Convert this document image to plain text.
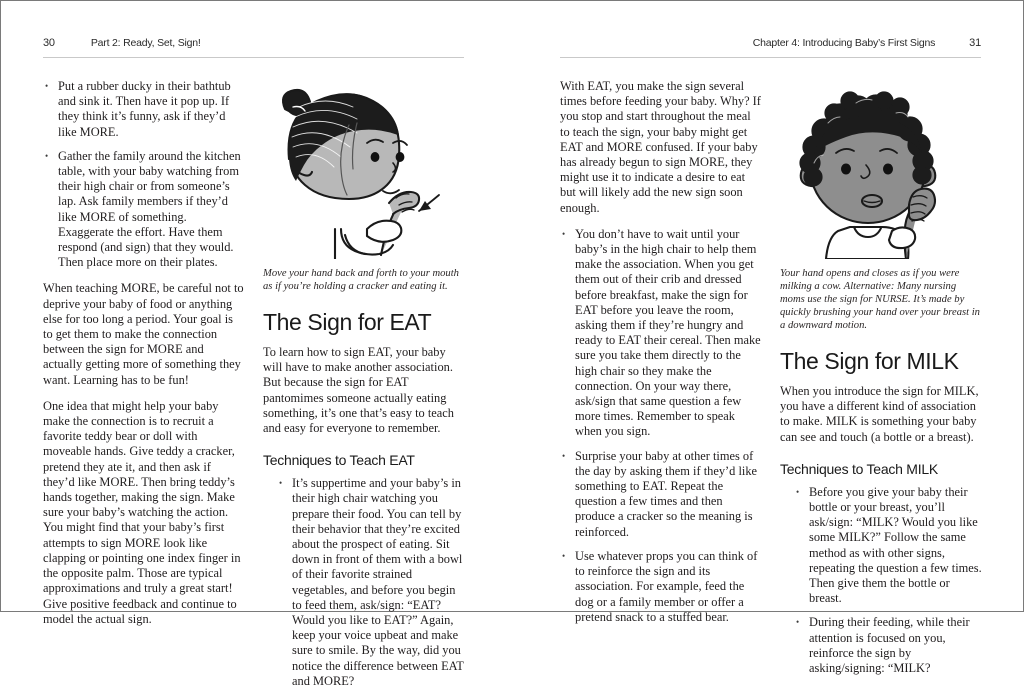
30	Part 2: Ready, Set, Sign!
• Put a rubber ducky in their bathtub and sink it. Then have it pop up. If they think it’s funny, ask if they’d like MORE.
• Gather the family around the kitchen table, with your baby watching from their high chair or from someone’s lap. Ask family members if they’d like MORE of something. Exaggerate the effort. Have them respond (and sign) that they would. Then place more on their plates.

When teaching MORE, be careful not to deprive your baby of food or anything else for too long a period. Your goal is to get them to make the connection between the sign for MORE and actually getting more of something they want. Learning has to be fun!

One idea that might help your baby make the connection is to recruit a favorite teddy bear or doll with moveable hands. Give teddy a cracker, pretend they ate it, and then ask if they’d like MORE. Then bring teddy’s hands together, making the sign. Make sure your baby’s watching the action. You might find that your baby’s first attempts to sign MORE look like clapping or pointing one index finger in the opposite palm. Those are typical approximations and truly a great start! Give positive feedback and continue to model the actual sign.

Move your hand back and forth to your mouth as if you’re holding a cracker and eating it.

The Sign for EAT

To learn how to sign EAT, your baby will have to make another association. But because the sign for EAT pantomimes someone actually eating something, it’s one that’s easy to teach and easy for everyone to remember.

Techniques to Teach EAT
• It’s suppertime and your baby’s in their high chair watching you prepare their food. You can tell by their behavior that they’re excited about the prospect of eating. Sit down in front of them with a bowl of their favorite strained vegetables, and before you begin to feed them, ask/sign: “EAT? Would you like to EAT?” Again, keep your voice upbeat and make sure to smile. By the way, did you notice the difference between EAT and MORE?
Chapter 4: Introducing Baby’s First Signs	31

With EAT, you make the sign several times before feeding your baby. Why? If you stop and start throughout the meal to teach the sign, your baby might get EAT and MORE confused. If your baby has already begun to sign MORE, they might use it to indicate a desire to eat but will likely add the new sign soon enough.

• You don’t have to wait until your baby’s in the high chair to help them make the association. When you get them out of their crib and dressed before breakfast, make the sign for EAT before you leave the room, asking them if they’re hungry and ready to EAT their cereal. Then make sure you take them directly to the high chair so they make the connection. On your way there, ask/sign that same question a few more times. Remember to speak when you sign.
• Surprise your baby at other times of the day by asking them if they’d like something to EAT. Repeat the question a few times and then produce a cracker so the meaning is reinforced.
• Use whatever props you can think of to reinforce the sign and its association. For example, feed the dog or a family member or offer a pretend snack to a stuffed bear.

Your hand opens and closes as if you were milking a cow. Alternative: Many nursing moms use the sign for NURSE. It’s made by quickly brushing your hand over your breast in a downward motion.

The Sign for MILK

When you introduce the sign for MILK, you have a different kind of association to make. MILK is something your baby can see and touch (a bottle or a breast).

Techniques to Teach MILK
• Before you give your baby their bottle or your breast, you’ll ask/sign: “MILK? Would you like some MILK?” Follow the same method as with other signs, repeating the question a few times. Then give them the bottle or breast.
• During their feeding, while their attention is focused on you, reinforce the sign by asking/signing: “MILK?
